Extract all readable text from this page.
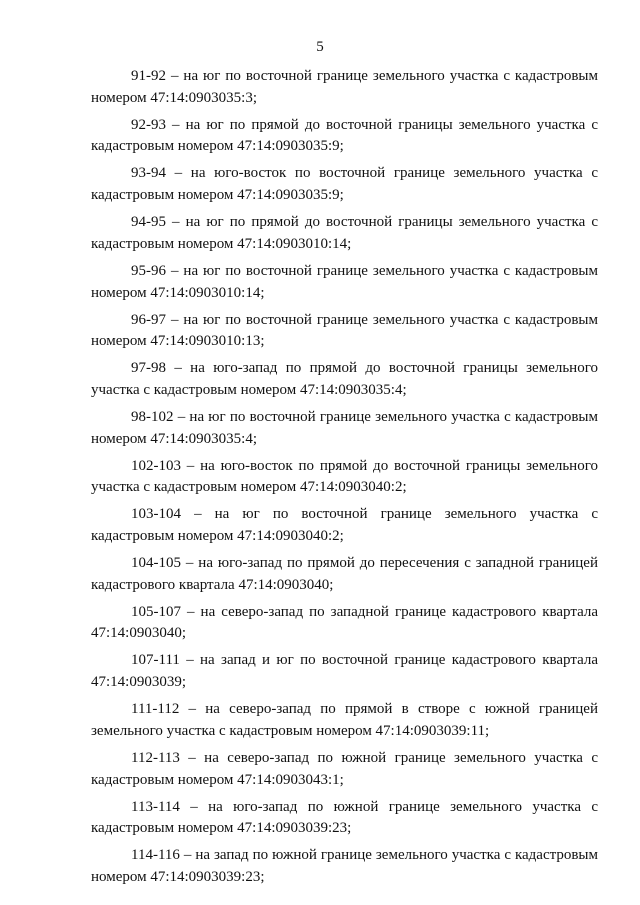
5

91-92 – на юг по восточной границе земельного участка с кадастровым номером 47:14:0903035:3;

92-93 – на юг по прямой до восточной границы земельного участка с кадастровым номером 47:14:0903035:9;

93-94 – на юго-восток по восточной границе земельного участка с кадастровым номером 47:14:0903035:9;

94-95 – на юг по прямой до восточной границы земельного участка с кадастровым номером 47:14:0903010:14;

95-96 – на юг по восточной границе земельного участка с кадастровым номером 47:14:0903010:14;

96-97 – на юг по восточной границе земельного участка с кадастровым номером 47:14:0903010:13;

97-98 – на юго-запад по прямой до восточной границы земельного участка с кадастровым номером 47:14:0903035:4;

98-102 – на юг по восточной границе земельного участка с кадастровым номером 47:14:0903035:4;

102-103 – на юго-восток по прямой до восточной границы земельного участка с кадастровым номером 47:14:0903040:2;

103-104 – на юг по восточной границе земельного участка с кадастровым номером 47:14:0903040:2;

104-105 – на юго-запад по прямой до пересечения с западной границей кадастрового квартала 47:14:0903040;

105-107 – на северо-запад по западной границе кадастрового квартала 47:14:0903040;

107-111 – на запад и юг по восточной границе кадастрового квартала 47:14:0903039;

111-112 – на северо-запад по прямой в створе с южной границей земельного участка с кадастровым номером 47:14:0903039:11;

112-113 – на северо-запад по южной границе земельного участка с кадастровым номером 47:14:0903043:1;

113-114 – на юго-запад по южной границе земельного участка с кадастровым номером 47:14:0903039:23;

114-116 – на запад по южной границе земельного участка с кадастровым номером 47:14:0903039:23;
